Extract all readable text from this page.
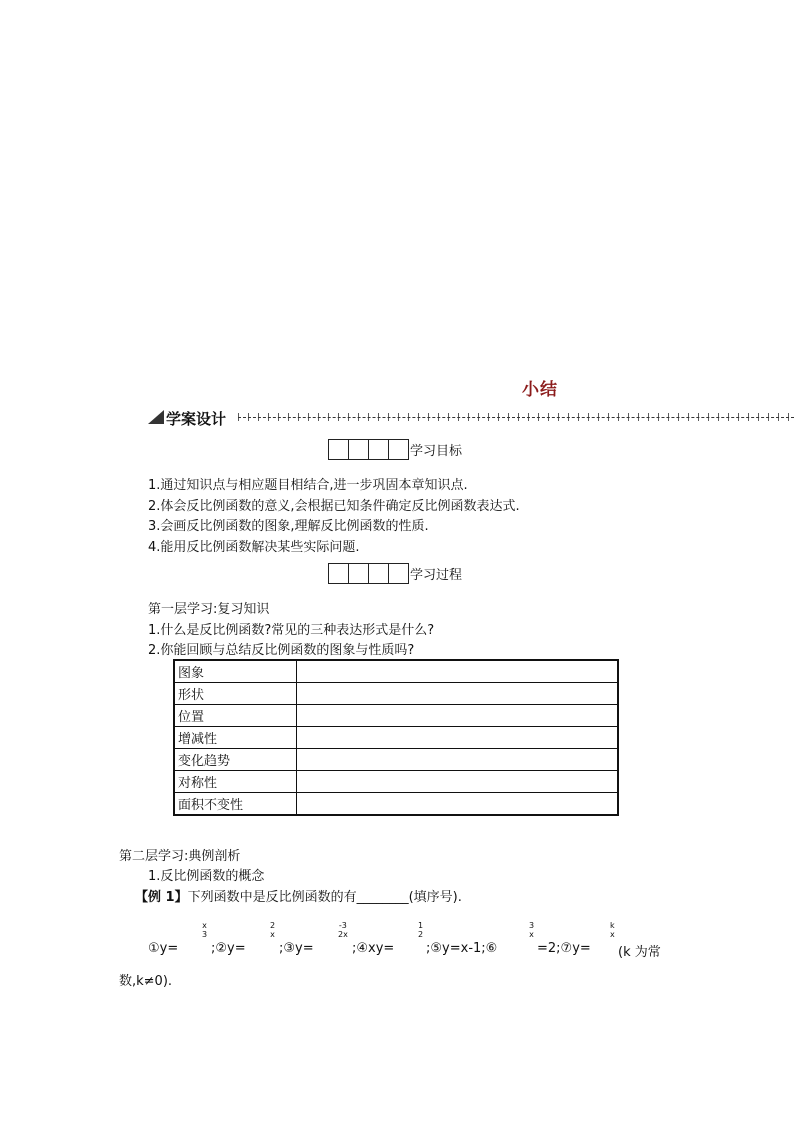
小结
学案设计
学习目标
1.通过知识点与相应题目相结合,进一步巩固本章知识点.
2.体会反比例函数的意义,会根据已知条件确定反比例函数表达式.
3.会画反比例函数的图象,理解反比例函数的性质.
4.能用反比例函数解决某些实际问题.
学习过程
第一层学习:复习知识
1.什么是反比例函数?常见的三种表达形式是什么?
2.你能回顾与总结反比例函数的图象与性质吗?
图象	
形状	
位置	
增减性	
变化趋势	
对称性	
面积不变性	
第二层学习:典例剖析
1.反比例函数的概念
【例 1】下列函数中是反比例函数的有________(填序号).
①y=
x
3
;②y=
2
x
;③y=
-3
2x
;④xy=
1
2
;⑤y=x-1;⑥
3
x
=2;⑦y=
k
x
(k 为常
数,k≠0).
